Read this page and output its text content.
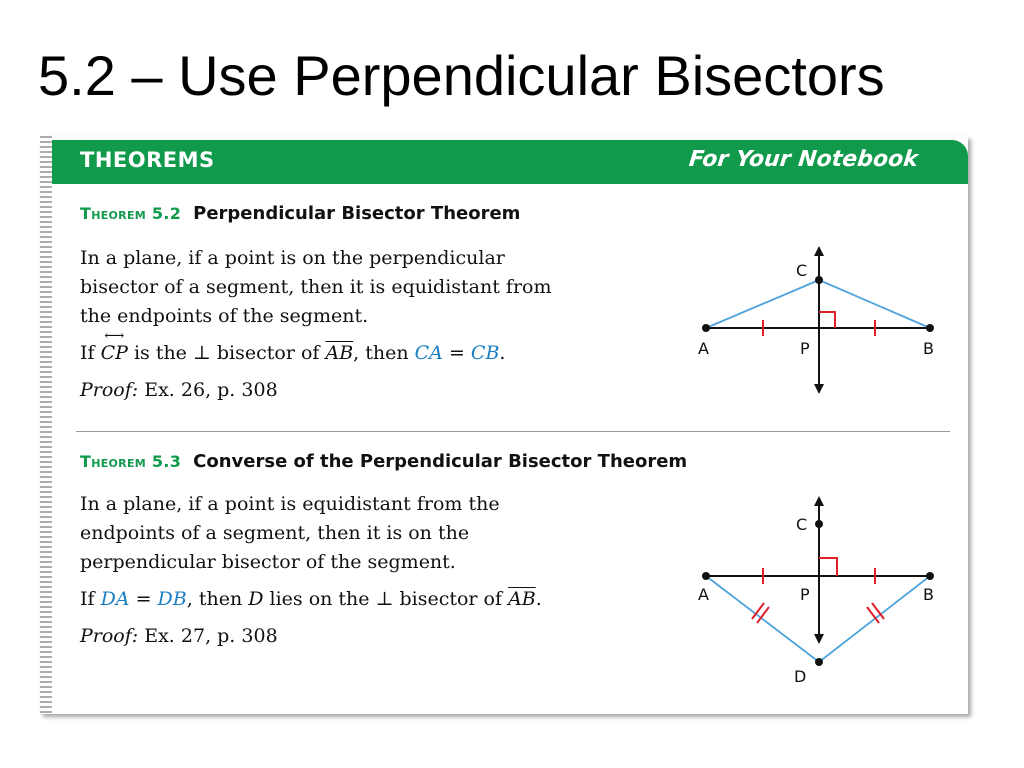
5.2 – Use Perpendicular Bisectors
THEOREMS	For Your Notebook
Theorem 5.2 Perpendicular Bisector Theorem
In a plane, if a point is on the perpendicular
bisector of a segment, then it is equidistant from
the endpoints of the segment.
If
⟷
CP is the ⊥ bisector of $\overline{AB}$, then CA = CB.
Proof: Ex. 26, p. 308
C
A	P	B
Theorem 5.3 Converse of the Perpendicular Bisector Theorem
In a plane, if a point is equidistant from the
endpoints of a segment, then it is on the
perpendicular bisector of the segment.
If DA = DB, then D lies on the ⊥ bisector of $\overline{AB}$.
Proof: Ex. 27, p. 308
C
A	P	B
D
